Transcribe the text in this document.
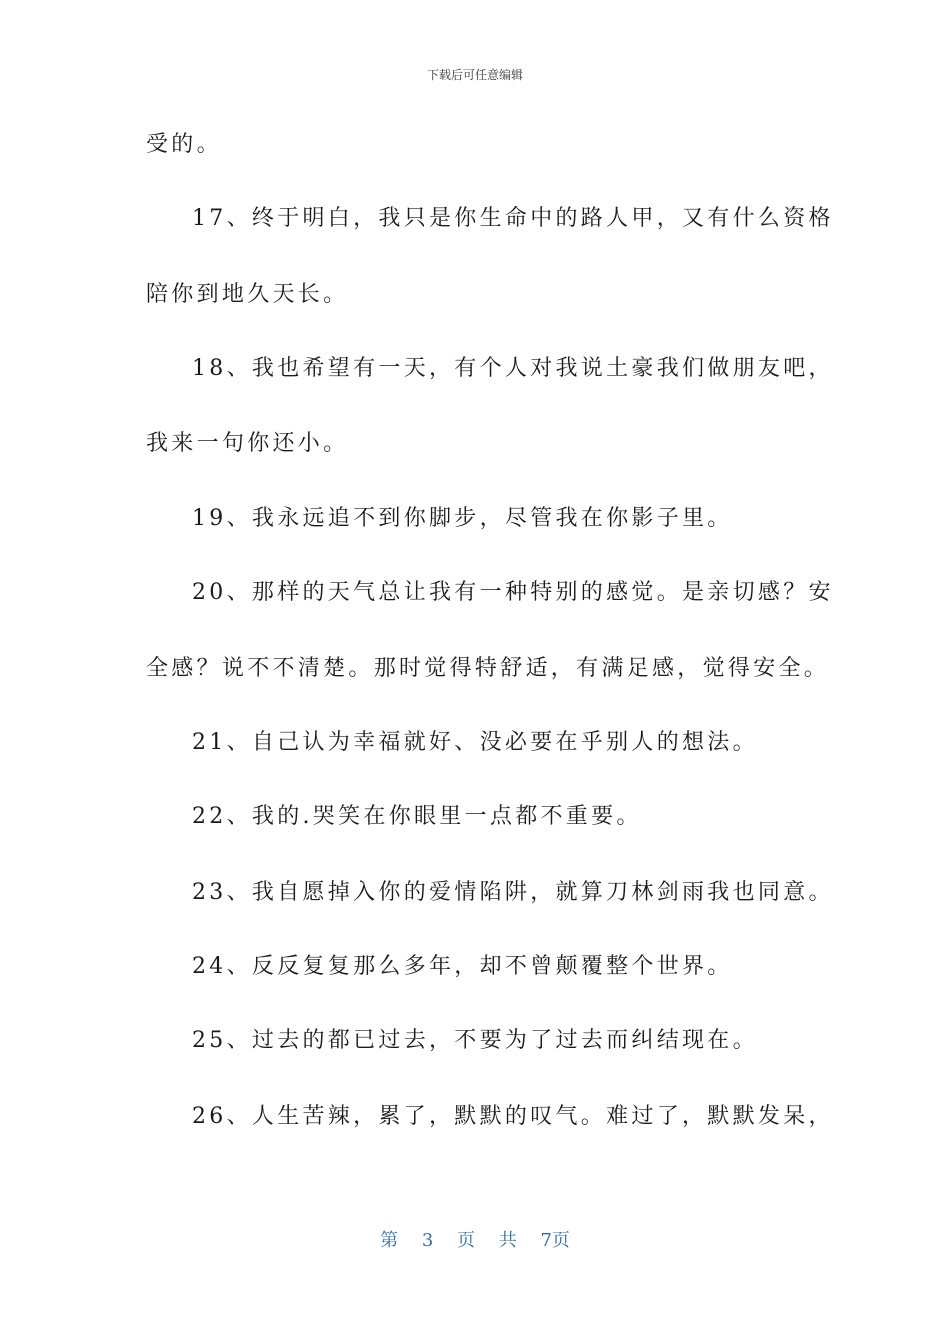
下载后可任意编辑
受的。
17、终于明白，我只是你生命中的路人甲，又有什么资格
陪你到地久天长。
18、我也希望有一天，有个人对我说土豪我们做朋友吧，
我来一句你还小。
19、我永远追不到你脚步，尽管我在你影子里。
20、那样的天气总让我有一种特别的感觉。是亲切感？安
全感？说不不清楚。那时觉得特舒适，有满足感，觉得安全。
21、自己认为幸福就好、没必要在乎别人的想法。
22、我的.哭笑在你眼里一点都不重要。
23、我自愿掉入你的爱情陷阱，就算刀林剑雨我也同意。
24、反反复复那么多年，却不曾颠覆整个世界。
25、过去的都已过去，不要为了过去而纠结现在。
26、人生苦辣，累了，默默的叹气。难过了，默默发呆，
第 3 页 共 7页
